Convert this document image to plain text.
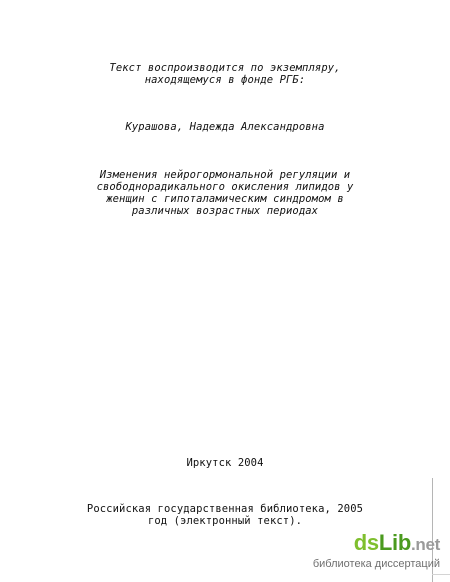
Текст воспроизводится по экземпляру,
находящемуся в фонде РГБ:
Курашова, Надежда Александровна
Изменения нейрогормональной регуляции и
свободнорадикального окисления липидов у
женщин с гипоталамическим синдромом в
различных возрастных периодах
Иркутск 2004
Российская государственная библиотека, 2005
год (электронный текст).
dsLib.net
библиотека диссертаций
